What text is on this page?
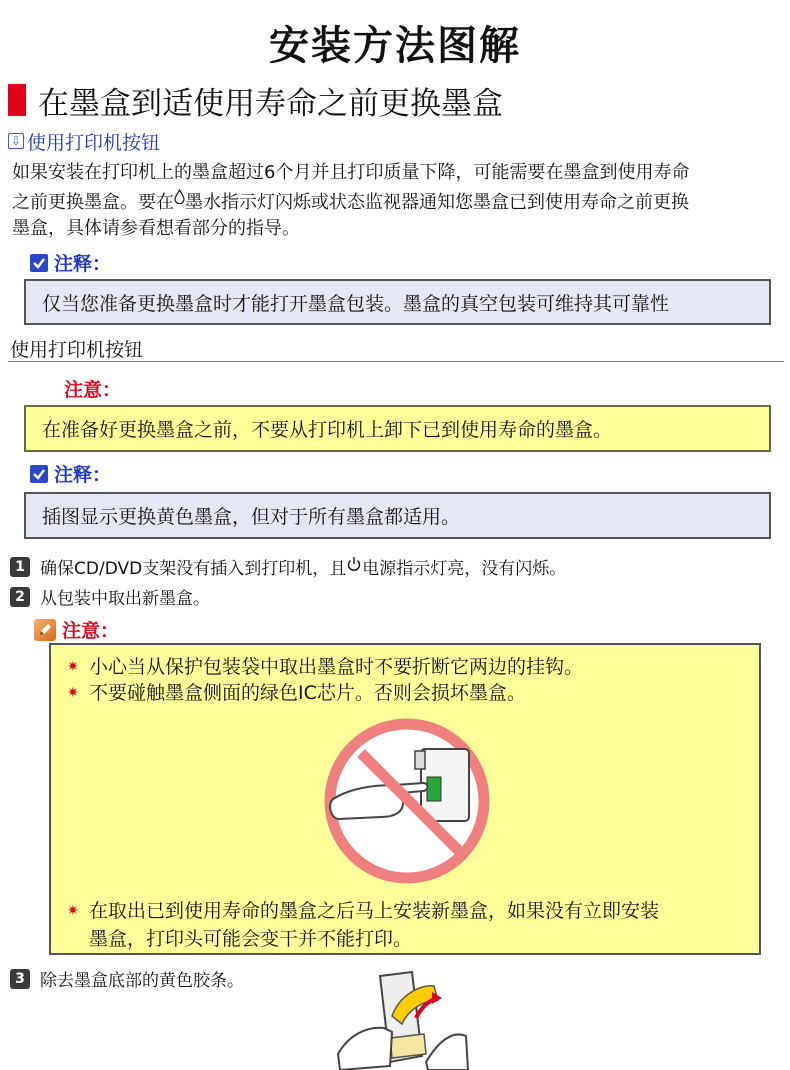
安装方法图解
在墨盒到适使用寿命之前更换墨盒
⇩ 使用打印机按钮
如果安装在打印机上的墨盒超过6个月并且打印质量下降，可能需要在墨盒到使用寿命
之前更换墨盒。要在 墨水指示灯闪烁或状态监视器通知您墨盒已到使用寿命之前更换
墨盒，具体请参看想看部分的指导。
注释：
仅当您准备更换墨盒时才能打开墨盒包装。墨盒的真空包装可维持其可靠性
使用打印机按钮
注意：
在准备好更换墨盒之前，不要从打印机上卸下已到使用寿命的墨盒。
注释：
插图显示更换黄色墨盒，但对于所有墨盒都适用。
1 确保CD/DVD支架没有插入到打印机，且 电源指示灯亮，没有闪烁。
2 从包装中取出新墨盒。
注意：
✷ 小心当从保护包装袋中取出墨盒时不要折断它两边的挂钩。
✷ 不要碰触墨盒侧面的绿色IC芯片。否则会损坏墨盒。
✷ 在取出已到使用寿命的墨盒之后马上安装新墨盒，如果没有立即安装
墨盒，打印头可能会变干并不能打印。
3 除去墨盒底部的黄色胶条。
